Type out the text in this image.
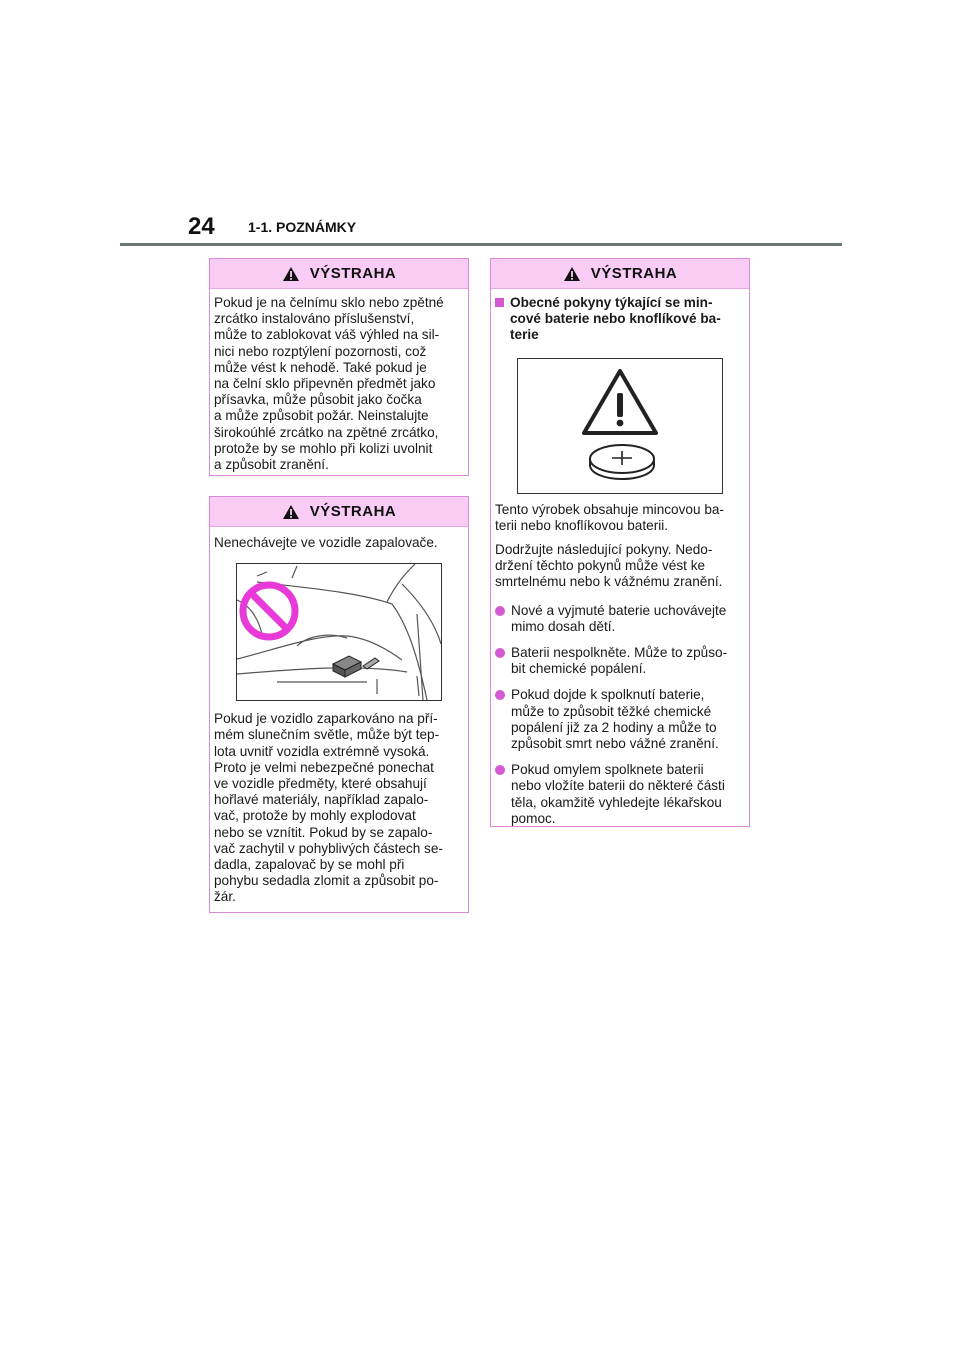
24 1-1. POZNÁMKY
VÝSTRAHA
Pokud je na čelnímu sklo nebo zpětné
zrcátko instalováno příslušenství,
může to zablokovat váš výhled na sil-
nici nebo rozptýlení pozornosti, což
může vést k nehodě. Také pokud je
na čelní sklo připevněn předmět jako
přísavka, může působit jako čočka
a může způsobit požár. Neinstalujte
širokoúhlé zrcátko na zpětné zrcátko,
protože by se mohlo při kolizi uvolnit
a způsobit zranění.
VÝSTRAHA
Nenechávejte ve vozidle zapalovače.
Pokud je vozidlo zaparkováno na pří-
mém slunečním světle, může být tep-
lota uvnitř vozidla extrémně vysoká.
Proto je velmi nebezpečné ponechat
ve vozidle předměty, které obsahují
hořlavé materiály, například zapalo-
vač, protože by mohly explodovat
nebo se vznítit. Pokud by se zapalo-
vač zachytil v pohyblivých částech se-
dadla, zapalovač by se mohl při
pohybu sedadla zlomit a způsobit po-
žár.
VÝSTRAHA
Obecné pokyny týkající se min-
cové baterie nebo knoflíkové ba-
terie

Tento výrobek obsahuje mincovou ba-
terii nebo knoflíkovou baterii.

Dodržujte následující pokyny. Nedo-
držení těchto pokynů může vést ke
smrtelnému nebo k vážnému zranění.

Nové a vyjmuté baterie uchovávejte
mimo dosah dětí.
Baterii nespolkněte. Může to způso-
bit chemické popálení.
Pokud dojde k spolknutí baterie,
může to způsobit těžké chemické
popálení již za 2 hodiny a může to
způsobit smrt nebo vážné zranění.
Pokud omylem spolknete baterii
nebo vložíte baterii do některé části
těla, okamžitě vyhledejte lékařskou
pomoc.
